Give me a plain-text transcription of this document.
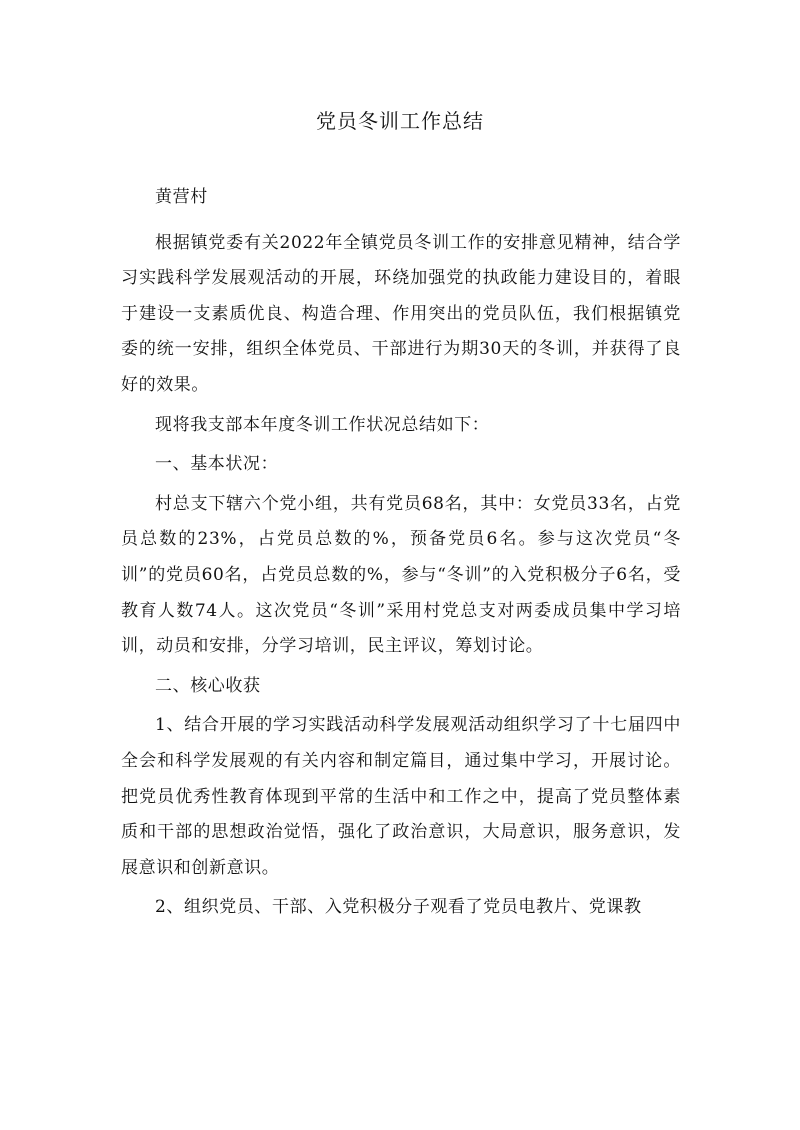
党员冬训工作总结

黄营村

根据镇党委有关2022年全镇党员冬训工作的安排意见精神，结合学习实践科学发展观活动的开展，环绕加强党的执政能力建设目的，着眼于建设一支素质优良、构造合理、作用突出的党员队伍，我们根据镇党委的统一安排，组织全体党员、干部进行为期30天的冬训，并获得了良好的效果。

现将我支部本年度冬训工作状况总结如下：

一、基本状况：

村总支下辖六个党小组，共有党员68名，其中：女党员33名，占党员总数的23%，占党员总数的%，预备党员6名。参与这次党员“冬训”的党员60名，占党员总数的%，参与“冬训”的入党积极分子6名，受教育人数74人。这次党员“冬训”采用村党总支对两委成员集中学习培训，动员和安排，分学习培训，民主评议，筹划讨论。

二、核心收获

1、结合开展的学习实践活动科学发展观活动组织学习了十七届四中全会和科学发展观的有关内容和制定篇目，通过集中学习，开展讨论。把党员优秀性教育体现到平常的生活中和工作之中，提高了党员整体素质和干部的思想政治觉悟，强化了政治意识，大局意识，服务意识，发展意识和创新意识。

2、组织党员、干部、入党积极分子观看了党员电教片、党课教
